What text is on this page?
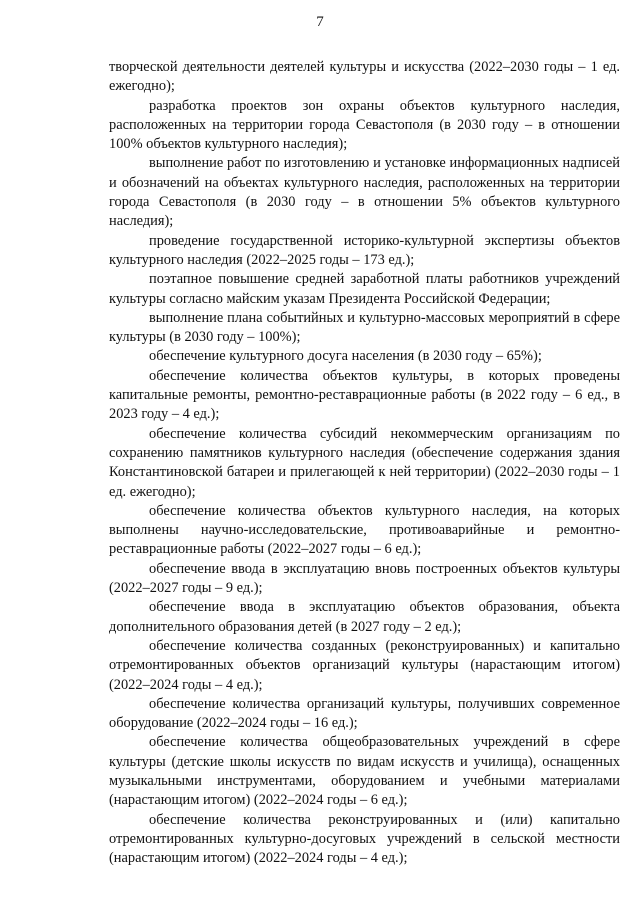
7

творческой деятельности деятелей культуры и искусства (2022–2030 годы – 1 ед. ежегодно);

разработка проектов зон охраны объектов культурного наследия, расположенных на территории города Севастополя (в 2030 году – в отношении 100% объектов культурного наследия);

выполнение работ по изготовлению и установке информационных надписей и обозначений на объектах культурного наследия, расположенных на территории города Севастополя (в 2030 году – в отношении 5% объектов культурного наследия);

проведение государственной историко-культурной экспертизы объектов культурного наследия (2022–2025 годы – 173 ед.);

поэтапное повышение средней заработной платы работников учреждений культуры согласно майским указам Президента Российской Федерации;

выполнение плана событийных и культурно-массовых мероприятий в сфере культуры (в 2030 году – 100%);

обеспечение культурного досуга населения (в 2030 году – 65%);

обеспечение количества объектов культуры, в которых проведены капитальные ремонты, ремонтно-реставрационные работы (в 2022 году – 6 ед., в 2023 году – 4 ед.);

обеспечение количества субсидий некоммерческим организациям по сохранению памятников культурного наследия (обеспечение содержания здания Константиновской батареи и прилегающей к ней территории) (2022–2030 годы – 1 ед. ежегодно);

обеспечение количества объектов культурного наследия, на которых выполнены научно-исследовательские, противоаварийные и ремонтно-реставрационные работы (2022–2027 годы – 6 ед.);

обеспечение ввода в эксплуатацию вновь построенных объектов культуры (2022–2027 годы – 9 ед.);

обеспечение ввода в эксплуатацию объектов образования, объекта дополнительного образования детей (в 2027 году – 2 ед.);

обеспечение количества созданных (реконструированных) и капитально отремонтированных объектов организаций культуры (нарастающим итогом) (2022–2024 годы – 4 ед.);

обеспечение количества организаций культуры, получивших современное оборудование (2022–2024 годы – 16 ед.);

обеспечение количества общеобразовательных учреждений в сфере культуры (детские школы искусств по видам искусств и училища), оснащенных музыкальными инструментами, оборудованием и учебными материалами (нарастающим итогом) (2022–2024 годы – 6 ед.);

обеспечение количества реконструированных и (или) капитально отремонтированных культурно-досуговых учреждений в сельской местности (нарастающим итогом) (2022–2024 годы – 4 ед.);
